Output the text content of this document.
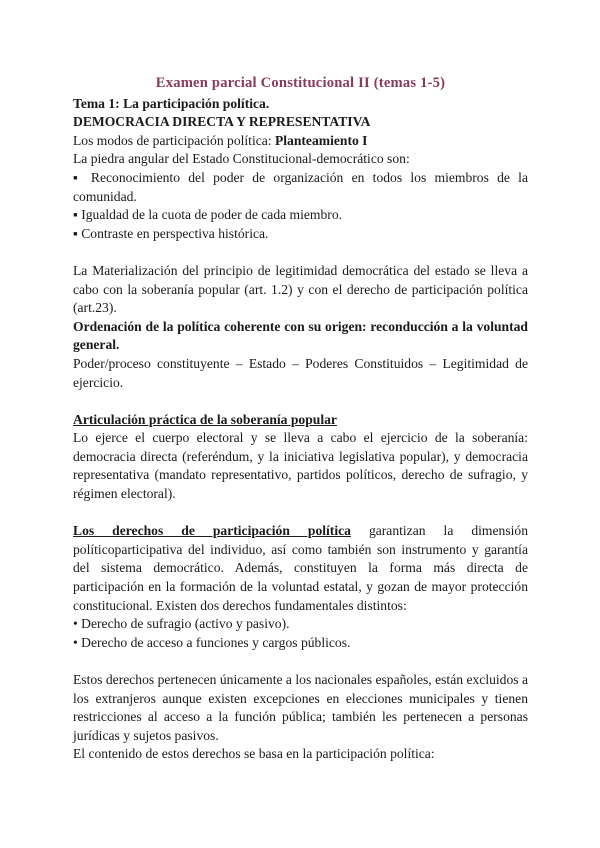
Examen parcial Constitucional II (temas 1-5)

Tema 1: La participación política.

DEMOCRACIA DIRECTA Y REPRESENTATIVA

Los modos de participación política: Planteamiento I

La piedra angular del Estado Constitucional-democrático son:

▪ Reconocimiento del poder de organización en todos los miembros de la comunidad.

▪ Igualdad de la cuota de poder de cada miembro.

▪ Contraste en perspectiva histórica.

La Materialización del principio de legitimidad democrática del estado se lleva a cabo con la soberanía popular (art. 1.2) y con el derecho de participación política (art.23).

Ordenación de la política coherente con su origen: reconducción a la voluntad general.

Poder/proceso constituyente – Estado – Poderes Constituidos – Legitimidad de ejercicio.

Articulación práctica de la soberanía popular

Lo ejerce el cuerpo electoral y se lleva a cabo el ejercicio de la soberanía: democracia directa (referéndum, y la iniciativa legislativa popular), y democracia representativa (mandato representativo, partidos políticos, derecho de sufragio, y régimen electoral).

Los derechos de participación política garantizan la dimensión políticoparticipativa del individuo, así como también son instrumento y garantía del sistema democrático. Además, constituyen la forma más directa de participación en la formación de la voluntad estatal, y gozan de mayor protección constitucional. Existen dos derechos fundamentales distintos:

• Derecho de sufragio (activo y pasivo).

• Derecho de acceso a funciones y cargos públicos.

Estos derechos pertenecen únicamente a los nacionales españoles, están excluidos a los extranjeros aunque existen excepciones en elecciones municipales y tienen restricciones al acceso a la función pública; también les pertenecen a personas jurídicas y sujetos pasivos.

El contenido de estos derechos se basa en la participación política:
